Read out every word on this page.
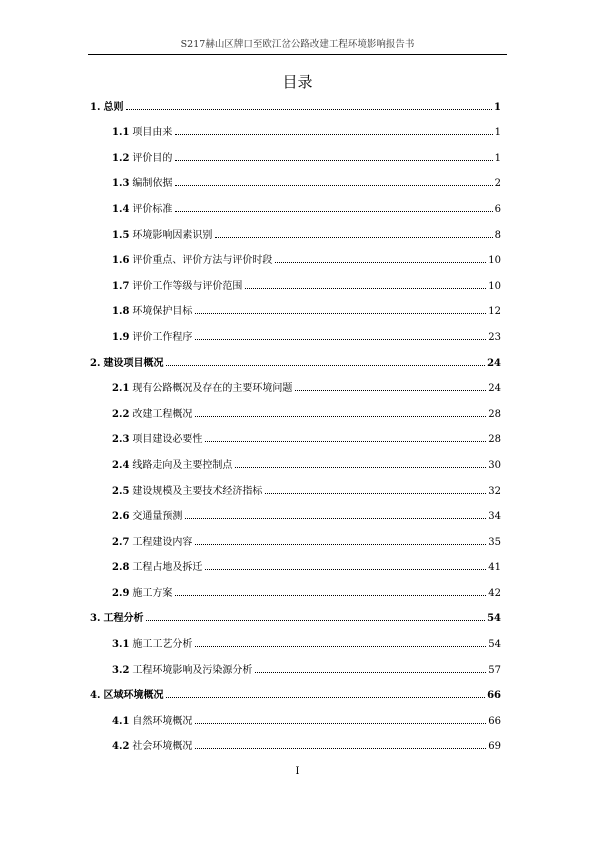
S217赫山区牌口至欧江岔公路改建工程环境影响报告书
目录
1. 总则	1
1.1 项目由来	1
1.2 评价目的	1
1.3 编制依据	2
1.4 评价标准	6
1.5 环境影响因素识别	8
1.6 评价重点、评价方法与评价时段	10
1.7 评价工作等级与评价范围	10
1.8 环境保护目标	12
1.9 评价工作程序	23
2. 建设项目概况	24
2.1 现有公路概况及存在的主要环境问题	24
2.2 改建工程概况	28
2.3 项目建设必要性	28
2.4 线路走向及主要控制点	30
2.5 建设规模及主要技术经济指标	32
2.6 交通量预测	34
2.7 工程建设内容	35
2.8 工程占地及拆迁	41
2.9 施工方案	42
3. 工程分析	54
3.1 施工工艺分析	54
3.2 工程环境影响及污染源分析	57
4. 区域环境概况	66
4.1 自然环境概况	66
4.2 社会环境概况	69
I
